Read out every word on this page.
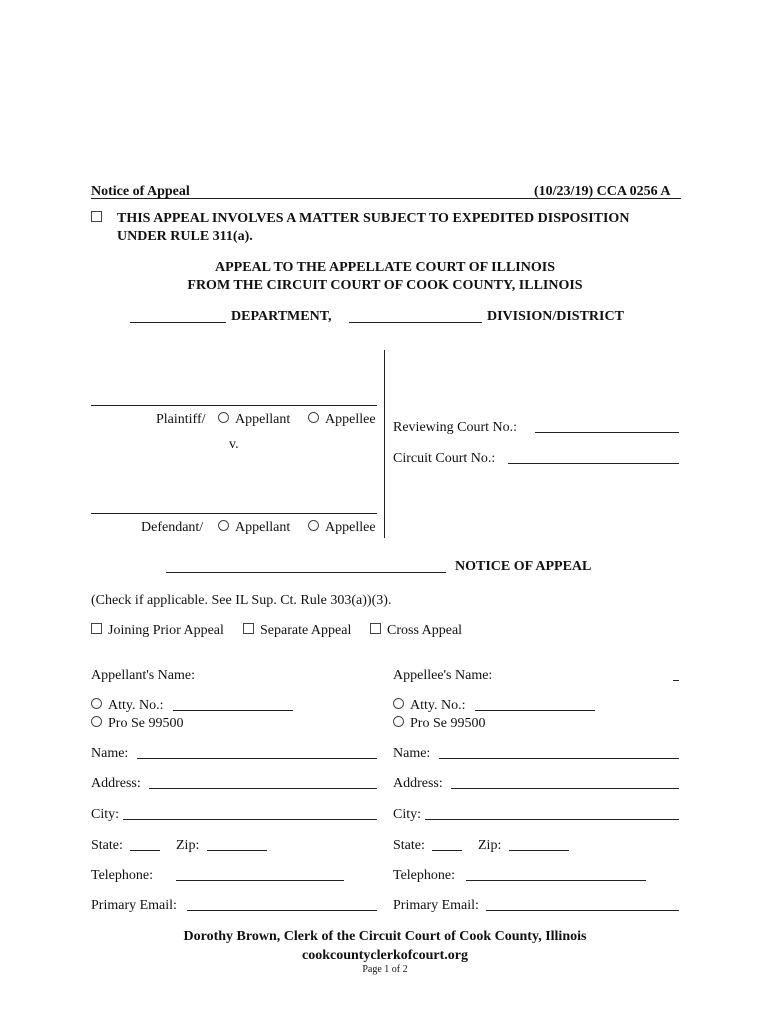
Notice of Appeal	(10/23/19) CCA 0256 A
THIS APPEAL INVOLVES A MATTER SUBJECT TO EXPEDITED DISPOSITION
UNDER RULE 311(a).
APPEAL TO THE APPELLATE COURT OF ILLINOIS
FROM THE CIRCUIT COURT OF COOK COUNTY, ILLINOIS
DEPARTMENT,	DIVISION/DISTRICT
Plaintiff/	Appellant	Appellee
v.
Defendant/	Appellant	Appellee
Reviewing Court No.:
Circuit Court No.:
NOTICE OF APPEAL
(Check if applicable. See IL Sup. Ct. Rule 303(a))(3).
Joining Prior Appeal	Separate Appeal	Cross Appeal
Appellant's Name:
Atty. No.:
Pro Se 99500
Name:
Address:
City:
State:	Zip:
Telephone:
Primary Email:
Appellee's Name:
Atty. No.:
Pro Se 99500
Name:
Address:
City:
State:	Zip:
Telephone:
Primary Email:
Dorothy Brown, Clerk of the Circuit Court of Cook County, Illinois
cookcountyclerkofcourt.org
Page 1 of 2
